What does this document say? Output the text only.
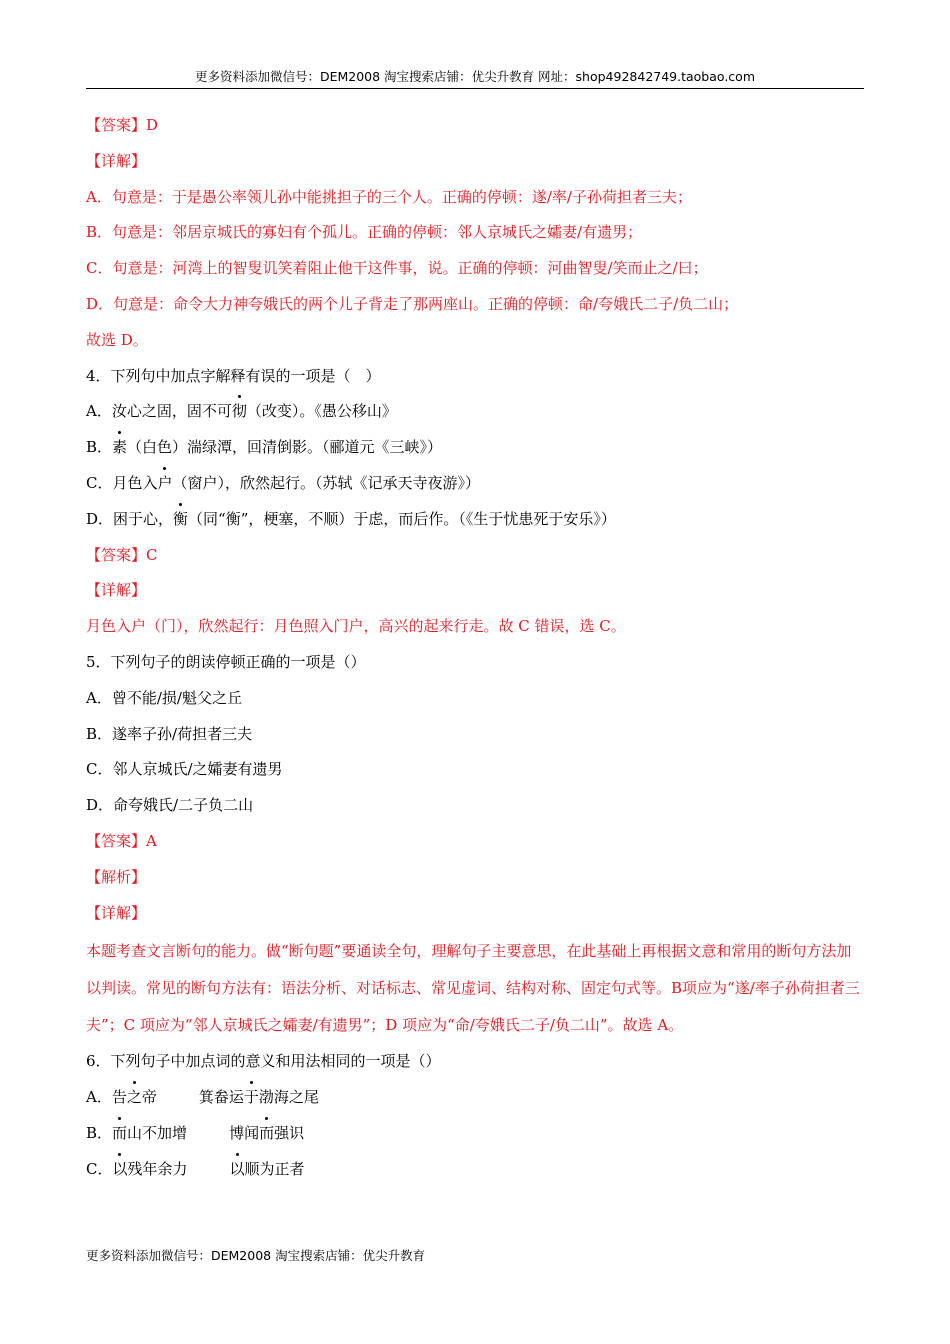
更多资料添加微信号：DEM2008 淘宝搜索店铺：优尖升教育 网址：shop492842749.taobao.com
【答案】D
【详解】
A．句意是：于是愚公率领儿孙中能挑担子的三个人。正确的停顿：遂/率/子孙荷担者三夫；
B．句意是：邻居京城氏的寡妇有个孤儿。正确的停顿：邻人京城氏之孀妻/有遗男；
C．句意是：河湾上的智叟讥笑着阻止他干这件事，说。正确的停顿：河曲智叟/笑而止之/曰；
D．句意是：命令大力神夸娥氏的两个儿子背走了那两座山。正确的停顿：命/夸娥氏二子/负二山；
故选 D。
4．下列句中加点字解释有误的一项是（　）
A．汝心之固，固不可彻（改变）。《愚公移山》
B．素（白色）湍绿潭，回清倒影。（郦道元《三峡》）
C．月色入户（窗户），欣然起行。（苏轼《记承天寺夜游》）
D．困于心，衡（同“衡”，梗塞，不顺）于虑，而后作。（《生于忧患死于安乐》）
【答案】C
【详解】
月色入户（门），欣然起行：月色照入门户，高兴的起来行走。故 C 错误，选 C。
5．下列句子的朗读停顿正确的一项是（）
A．曾不能/损/魁父之丘
B．遂率子孙/荷担者三夫
C．邻人京城氏/之孀妻有遗男
D．命夸娥氏/二子负二山
【答案】A
【解析】
【详解】
本题考查文言断句的能力。做“断句题”要通读全句，理解句子主要意思，在此基础上再根据文意和常用的断句方法加以判读。常见的断句方法有：语法分析、对话标志、常见虚词、结构对称、固定句式等。B项应为“遂/率子孙荷担者三夫”；C 项应为“邻人京城氏之孀妻/有遗男”；D 项应为“命/夸娥氏二子/负二山”。故选 A。
6．下列句子中加点词的意义和用法相同的一项是（）
A．告之帝	箕畚运于渤海之尾
B．而山不加增	博闻而强识
C．以残年余力	以顺为正者
更多资料添加微信号：DEM2008 淘宝搜索店铺：优尖升教育
